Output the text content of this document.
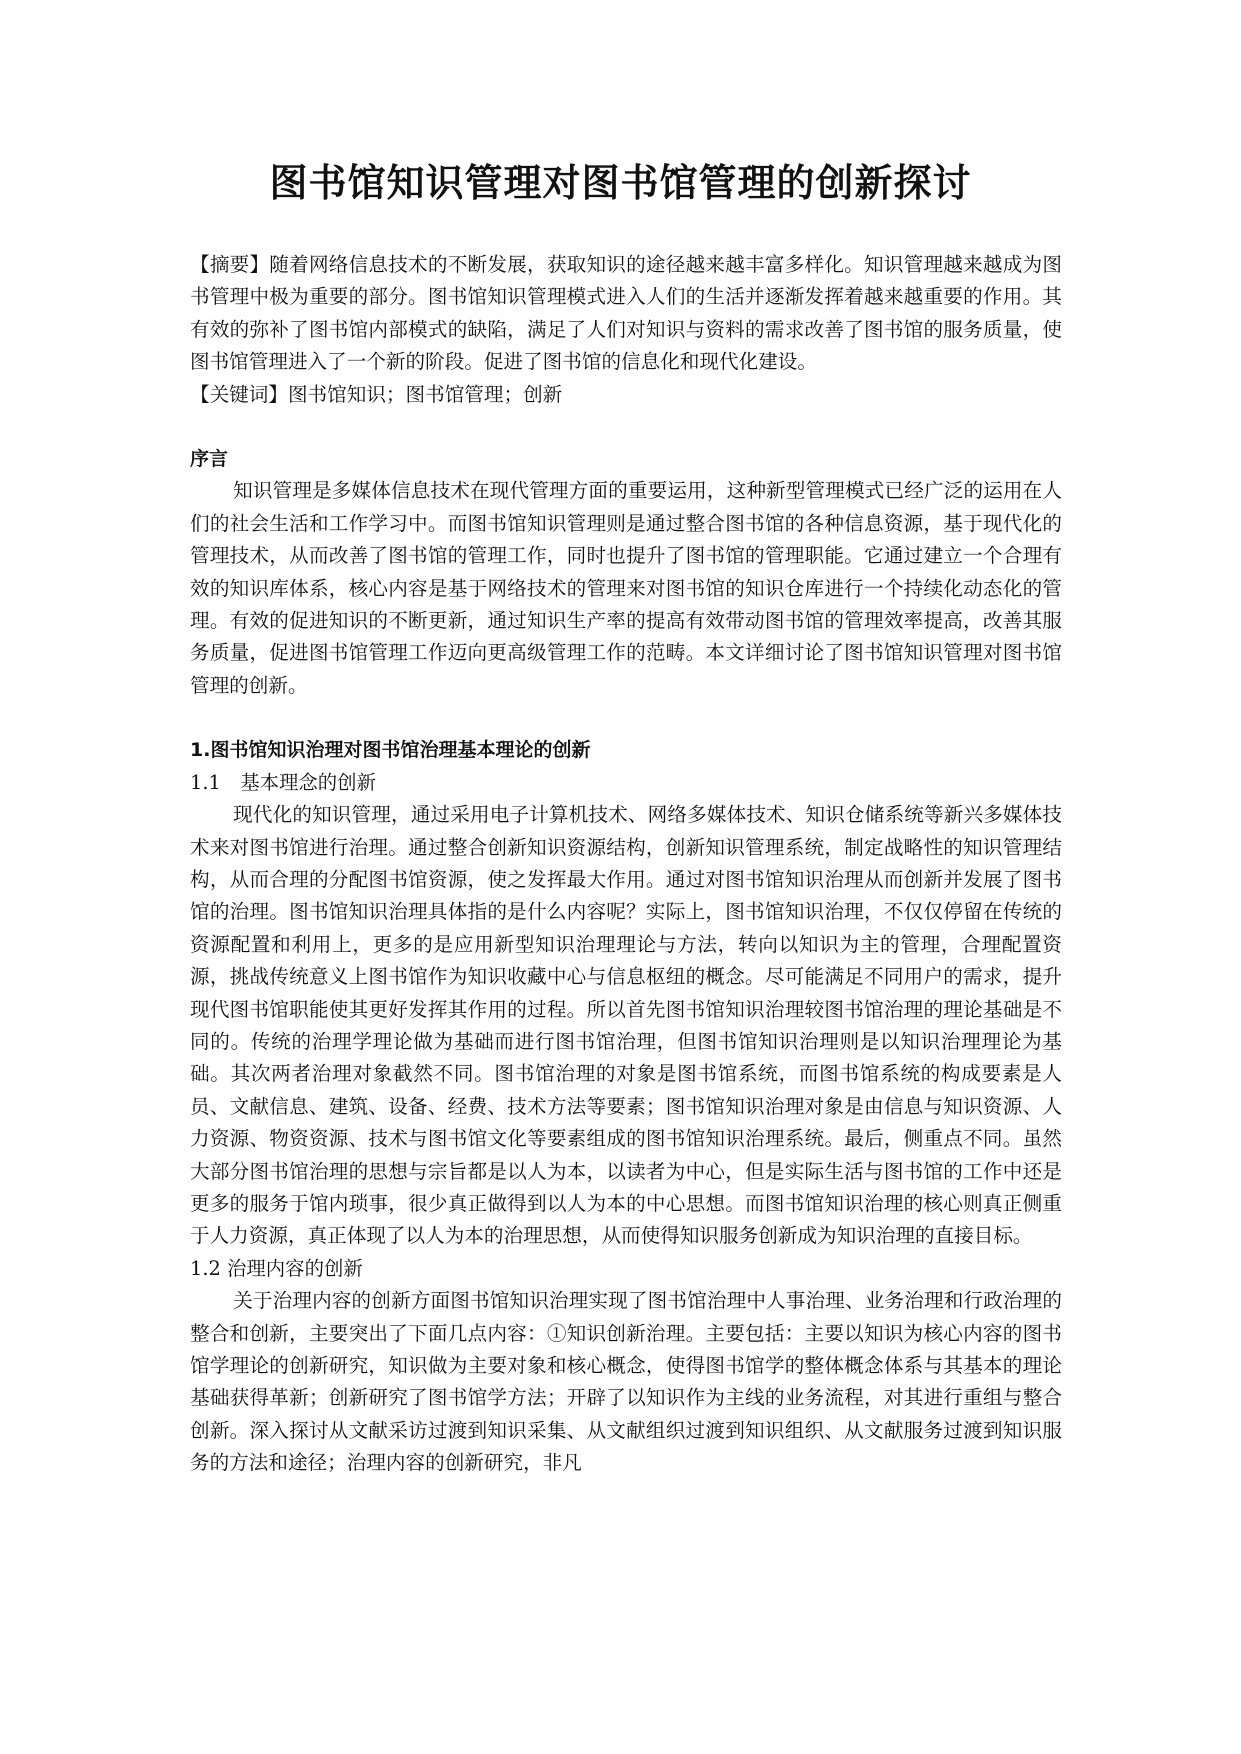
图书馆知识管理对图书馆管理的创新探讨

【摘要】随着网络信息技术的不断发展，获取知识的途径越来越丰富多样化。知识管理越来越成为图书管理中极为重要的部分。图书馆知识管理模式进入人们的生活并逐渐发挥着越来越重要的作用。其有效的弥补了图书馆内部模式的缺陷，满足了人们对知识与资料的需求改善了图书馆的服务质量，使图书馆管理进入了一个新的阶段。促进了图书馆的信息化和现代化建设。

【关键词】图书馆知识；图书馆管理；创新

序言

知识管理是多媒体信息技术在现代管理方面的重要运用，这种新型管理模式已经广泛的运用在人们的社会生活和工作学习中。而图书馆知识管理则是通过整合图书馆的各种信息资源，基于现代化的管理技术，从而改善了图书馆的管理工作，同时也提升了图书馆的管理职能。它通过建立一个合理有效的知识库体系，核心内容是基于网络技术的管理来对图书馆的知识仓库进行一个持续化动态化的管理。有效的促进知识的不断更新，通过知识生产率的提高有效带动图书馆的管理效率提高，改善其服务质量，促进图书馆管理工作迈向更高级管理工作的范畴。本文详细讨论了图书馆知识管理对图书馆管理的创新。

1.图书馆知识治理对图书馆治理基本理论的创新

1.1　基本理念的创新

现代化的知识管理，通过采用电子计算机技术、网络多媒体技术、知识仓储系统等新兴多媒体技术来对图书馆进行治理。通过整合创新知识资源结构，创新知识管理系统，制定战略性的知识管理结构，从而合理的分配图书馆资源，使之发挥最大作用。通过对图书馆知识治理从而创新并发展了图书馆的治理。图书馆知识治理具体指的是什么内容呢？实际上，图书馆知识治理，不仅仅停留在传统的资源配置和利用上，更多的是应用新型知识治理理论与方法，转向以知识为主的管理，合理配置资源，挑战传统意义上图书馆作为知识收藏中心与信息枢纽的概念。尽可能满足不同用户的需求，提升现代图书馆职能使其更好发挥其作用的过程。所以首先图书馆知识治理较图书馆治理的理论基础是不同的。传统的治理学理论做为基础而进行图书馆治理，但图书馆知识治理则是以知识治理理论为基础。其次两者治理对象截然不同。图书馆治理的对象是图书馆系统，而图书馆系统的构成要素是人员、文献信息、建筑、设备、经费、技术方法等要素；图书馆知识治理对象是由信息与知识资源、人力资源、物资资源、技术与图书馆文化等要素组成的图书馆知识治理系统。最后，侧重点不同。虽然大部分图书馆治理的思想与宗旨都是以人为本，以读者为中心，但是实际生活与图书馆的工作中还是更多的服务于馆内琐事，很少真正做得到以人为本的中心思想。而图书馆知识治理的核心则真正侧重于人力资源，真正体现了以人为本的治理思想，从而使得知识服务创新成为知识治理的直接目标。

1.2 治理内容的创新

关于治理内容的创新方面图书馆知识治理实现了图书馆治理中人事治理、业务治理和行政治理的整合和创新，主要突出了下面几点内容：①知识创新治理。主要包括：主要以知识为核心内容的图书馆学理论的创新研究，知识做为主要对象和核心概念，使得图书馆学的整体概念体系与其基本的理论基础获得革新；创新研究了图书馆学方法；开辟了以知识作为主线的业务流程，对其进行重组与整合创新。深入探讨从文献采访过渡到知识采集、从文献组织过渡到知识组织、从文献服务过渡到知识服务的方法和途径；治理内容的创新研究，非凡
